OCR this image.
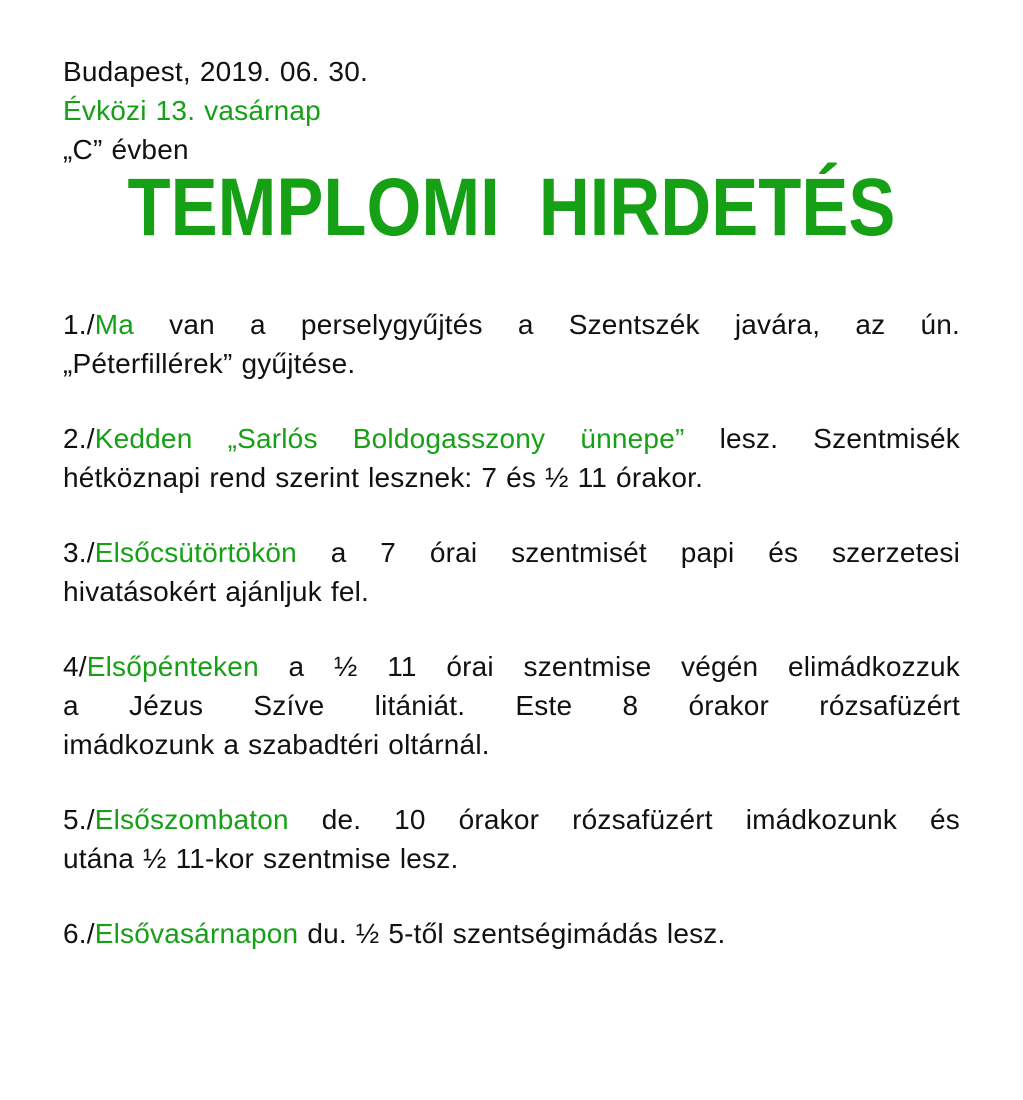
Budapest, 2019. 06. 30.
Évközi 13. vasárnap
„C” évben
TEMPLOMI  HIRDETÉS
1./Ma van a perselygyűjtés a Szentszék javára, az ún.
„Péterfillérek” gyűjtése.
2./Kedden „Sarlós Boldogasszony ünnepe” lesz. Szentmisék
hétköznapi rend szerint lesznek: 7 és ½ 11 órakor.
3./Elsőcsütörtökön a 7 órai szentmisét papi és szerzetesi
hivatásokért ajánljuk fel.
4/Elsőpénteken a ½ 11 órai szentmise végén elimádkozzuk
a Jézus Szíve litániát. Este 8 órakor rózsafüzért
imádkozunk a szabadtéri oltárnál.
5./Elsőszombaton de. 10 órakor rózsafüzért imádkozunk és
utána ½ 11-kor szentmise lesz.
6./Elsővasárnapon du. ½ 5-től szentségimádás lesz.
